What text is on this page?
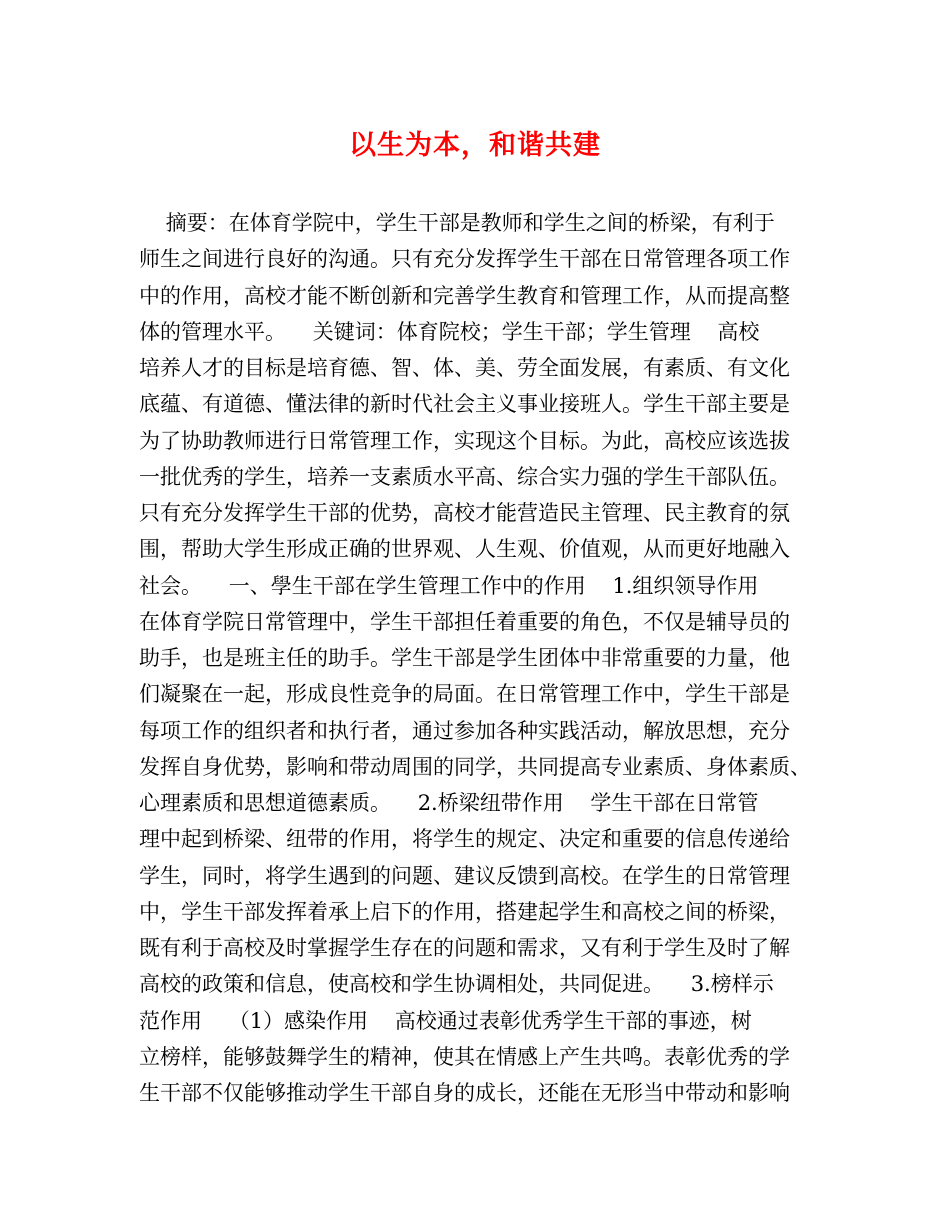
以生为本，和谐共建
摘要：在体育学院中，学生干部是教师和学生之间的桥梁，有利于
师生之间进行良好的沟通。只有充分发挥学生干部在日常管理各项工作
中的作用，高校才能不断创新和完善学生教育和管理工作，从而提高整
体的管理水平。    关键词：体育院校；学生干部；学生管理    高校
培养人才的目标是培育德、智、体、美、劳全面发展，有素质、有文化
底蕴、有道德、懂法律的新时代社会主义事业接班人。学生干部主要是
为了协助教师进行日常管理工作，实现这个目标。为此，高校应该选拔
一批优秀的学生，培养一支素质水平高、综合实力强的学生干部队伍。
只有充分发挥学生干部的优势，高校才能营造民主管理、民主教育的氛
围，帮助大学生形成正确的世界观、人生观、价值观，从而更好地融入
社会。    一、學生干部在学生管理工作中的作用    1.组织领导作用
在体育学院日常管理中，学生干部担任着重要的角色，不仅是辅导员的
助手，也是班主任的助手。学生干部是学生团体中非常重要的力量，他
们凝聚在一起，形成良性竞争的局面。在日常管理工作中，学生干部是
每项工作的组织者和执行者，通过参加各种实践活动，解放思想，充分
发挥自身优势，影响和带动周围的同学，共同提高专业素质、身体素质、
心理素质和思想道德素质。    2.桥梁纽带作用    学生干部在日常管
理中起到桥梁、纽带的作用，将学生的规定、决定和重要的信息传递给
学生，同时，将学生遇到的问题、建议反馈到高校。在学生的日常管理
中，学生干部发挥着承上启下的作用，搭建起学生和高校之间的桥梁，
既有利于高校及时掌握学生存在的问题和需求，又有利于学生及时了解
高校的政策和信息，使高校和学生协调相处，共同促进。    3.榜样示
范作用    （1）感染作用    高校通过表彰优秀学生干部的事迹，树
立榜样，能够鼓舞学生的精神，使其在情感上产生共鸣。表彰优秀的学
生干部不仅能够推动学生干部自身的成长，还能在无形当中带动和影响
